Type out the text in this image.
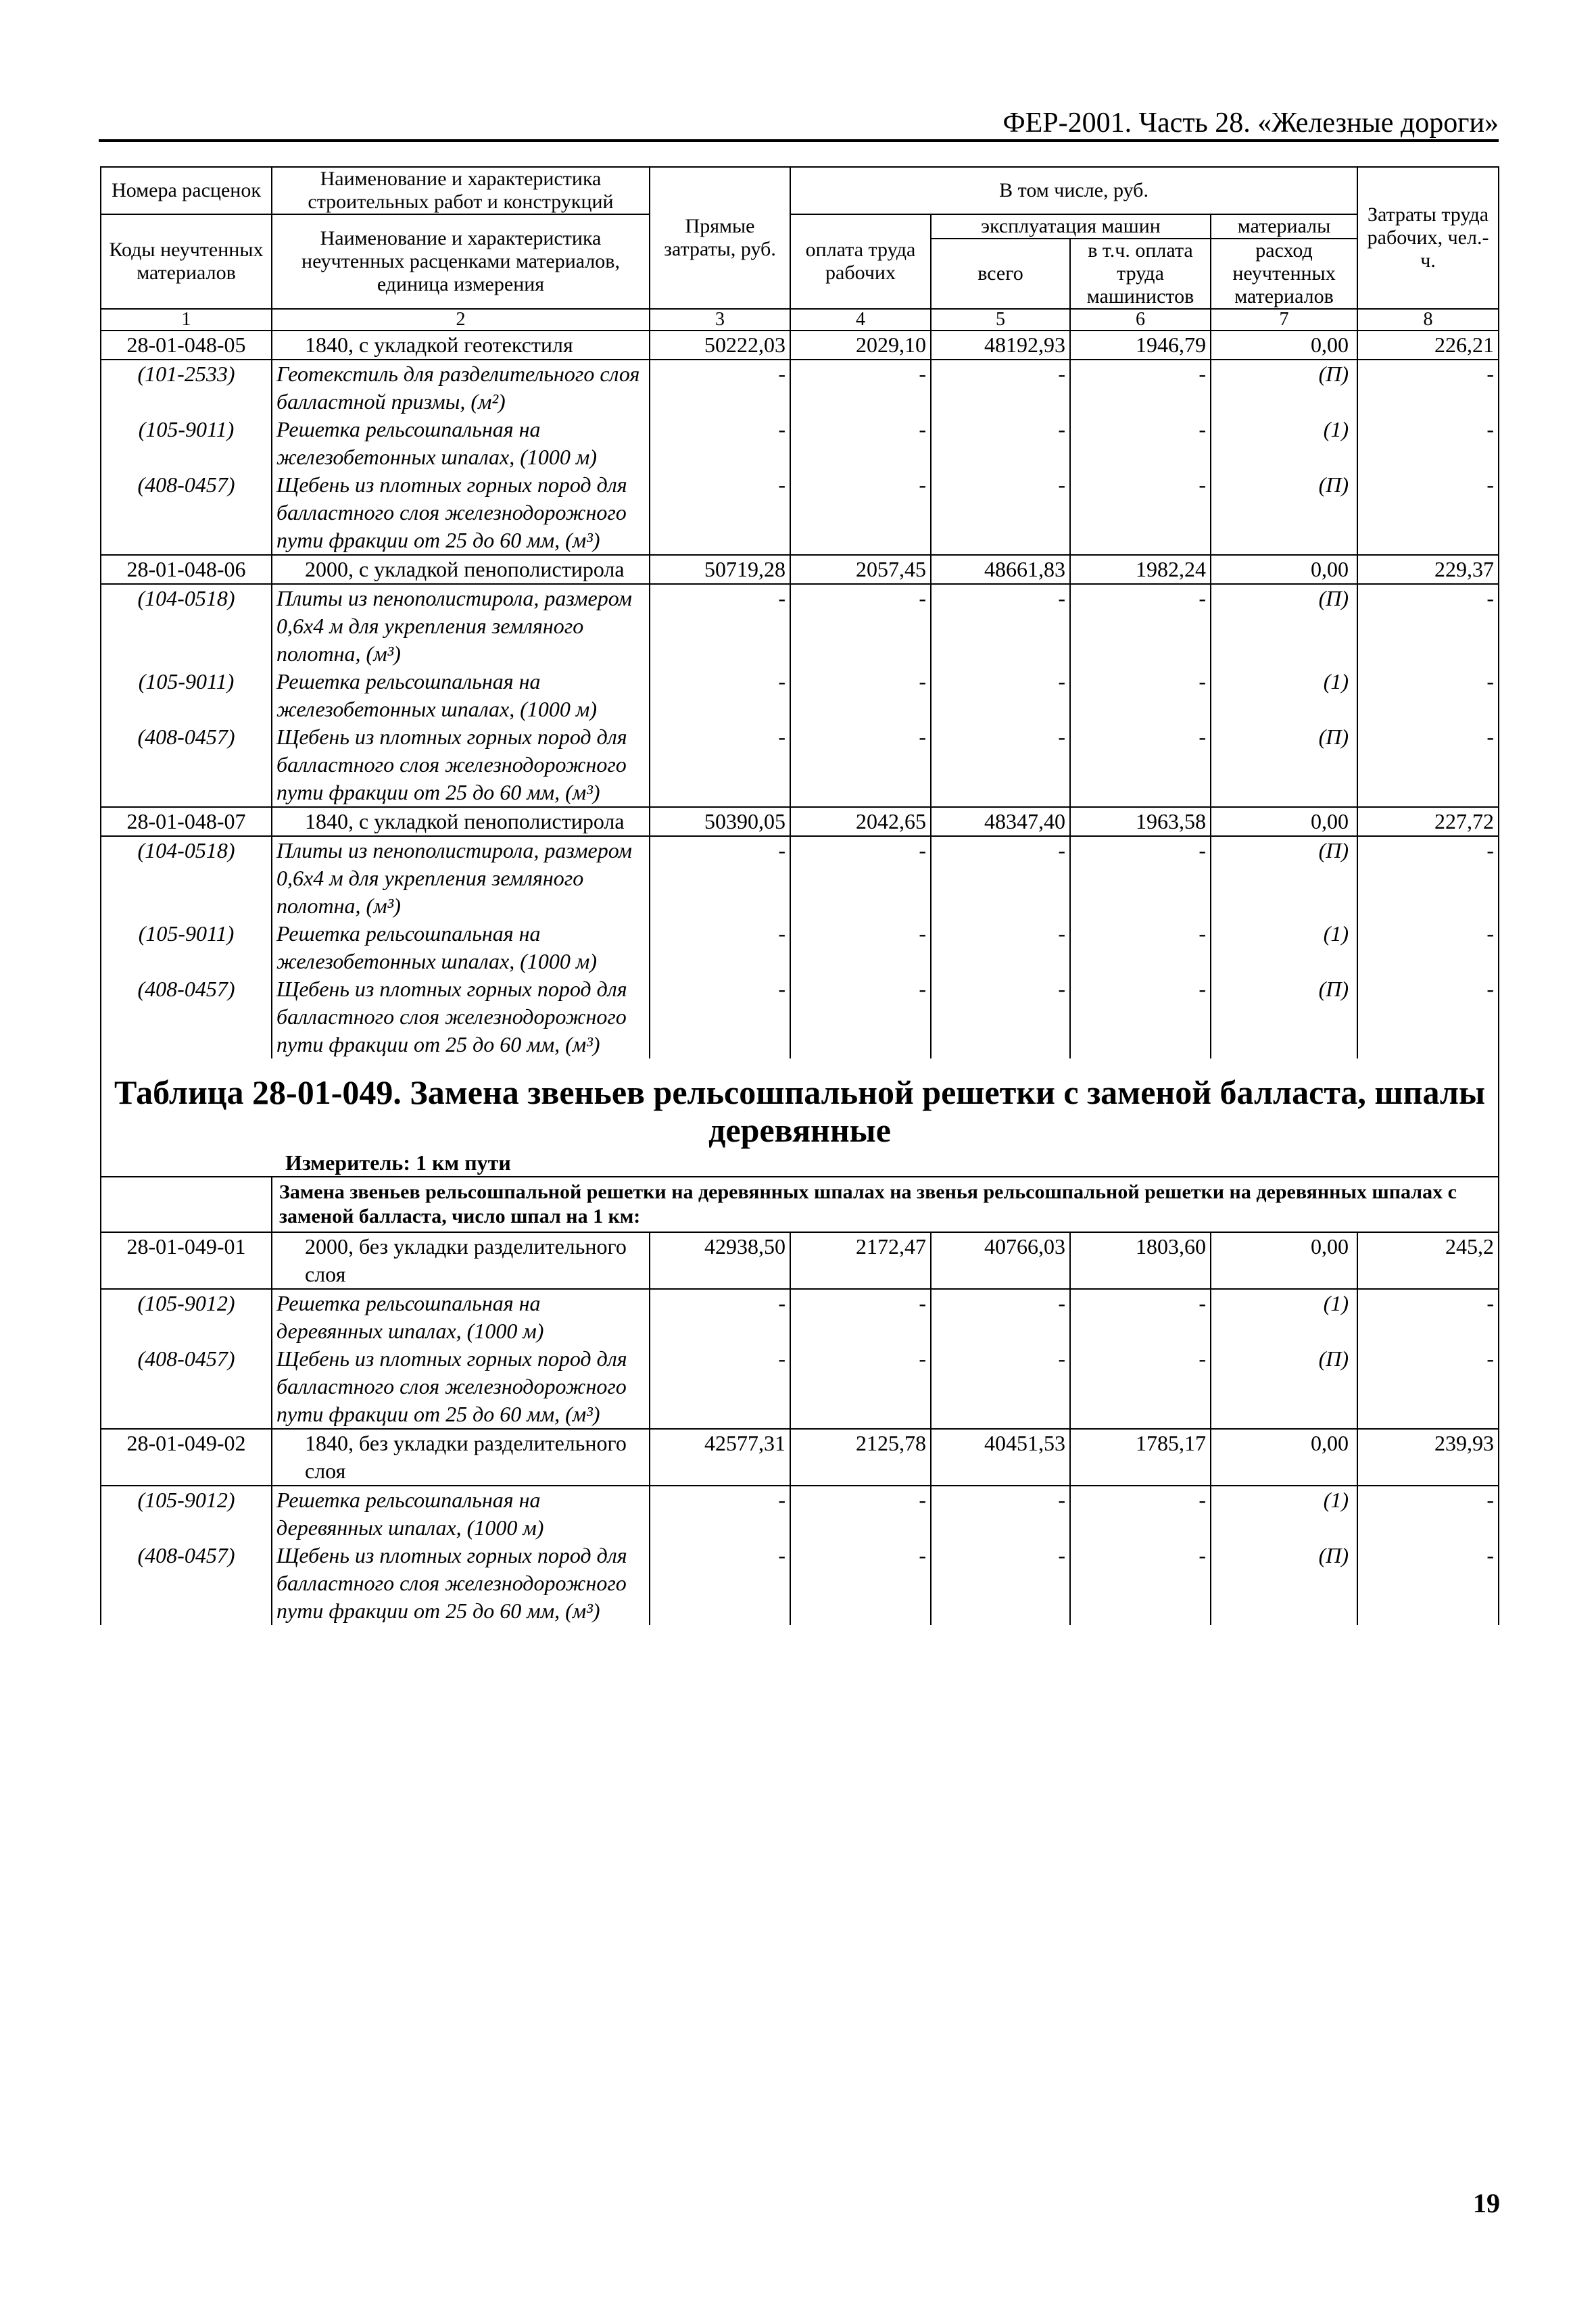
ФЕР-2001. Часть 28. «Железные дороги»
Номера расценок	Наименование и характеристика строительных работ и конструкций	Прямые затраты, руб.	В том числе, руб.				Затраты труда рабочих, чел.-ч.
Коды неучтенных материалов	Наименование и характеристика неучтенных расценками материалов, единица измерения		оплата труда рабочих	эксплуатация машин		материалы	
				всего	в т.ч. оплата труда машинистов	расход неучтенных материалов	

1	2	3	4	5	6	7	8
28-01-048-05	1840, с укладкой геотекстиля	50222,03	2029,10	48192,93	1946,79	0,00	226,21
(101-2533)	Геотекстиль для разделительного слоя балластной призмы, (м²)	-	-	-	-	(П)	-
(105-9011)	Решетка рельсошпальная на железобетонных шпалах, (1000 м)	-	-	-	-	(1)	-
(408-0457)	Щебень из плотных горных пород для балластного слоя железнодорожного пути фракции от 25 до 60 мм, (м³)	-	-	-	-	(П)	-
28-01-048-06	2000, с укладкой пенополистирола	50719,28	2057,45	48661,83	1982,24	0,00	229,37
(104-0518)	Плиты из пенополистирола, размером 0,6х4 м для укрепления земляного полотна, (м³)	-	-	-	-	(П)	-
(105-9011)	Решетка рельсошпальная на железобетонных шпалах, (1000 м)	-	-	-	-	(1)	-
(408-0457)	Щебень из плотных горных пород для балластного слоя железнодорожного пути фракции от 25 до 60 мм, (м³)	-	-	-	-	(П)	-
28-01-048-07	1840, с укладкой пенополистирола	50390,05	2042,65	48347,40	1963,58	0,00	227,72
(104-0518)	Плиты из пенополистирола, размером 0,6х4 м для укрепления земляного полотна, (м³)	-	-	-	-	(П)	-
(105-9011)	Решетка рельсошпальная на железобетонных шпалах, (1000 м)	-	-	-	-	(1)	-
(408-0457)	Щебень из плотных горных пород для балластного слоя железнодорожного пути фракции от 25 до 60 мм, (м³)	-	-	-	-	(П)	-

Таблица 28-01-049. Замена звеньев рельсошпальной решетки с заменой балласта, шпалы деревянные
Измеритель: 1 км пути							

	Замена звеньев рельсошпальной решетки на деревянных шпалах на звенья рельсошпальной решетки на деревянных шпалах с заменой балласта, число шпал на 1 км:						
28-01-049-01	2000, без укладки разделительного слоя	42938,50	2172,47	40766,03	1803,60	0,00	245,2
(105-9012)	Решетка рельсошпальная на деревянных шпалах, (1000 м)	-	-	-	-	(1)	-
(408-0457)	Щебень из плотных горных пород для балластного слоя железнодорожного пути фракции от 25 до 60 мм, (м³)	-	-	-	-	(П)	-
28-01-049-02	1840, без укладки разделительного слоя	42577,31	2125,78	40451,53	1785,17	0,00	239,93
(105-9012)	Решетка рельсошпальная на деревянных шпалах, (1000 м)	-	-	-	-	(1)	-
(408-0457)	Щебень из плотных горных пород для балластного слоя железнодорожного пути фракции от 25 до 60 мм, (м³)	-	-	-	-	(П)	-
19
